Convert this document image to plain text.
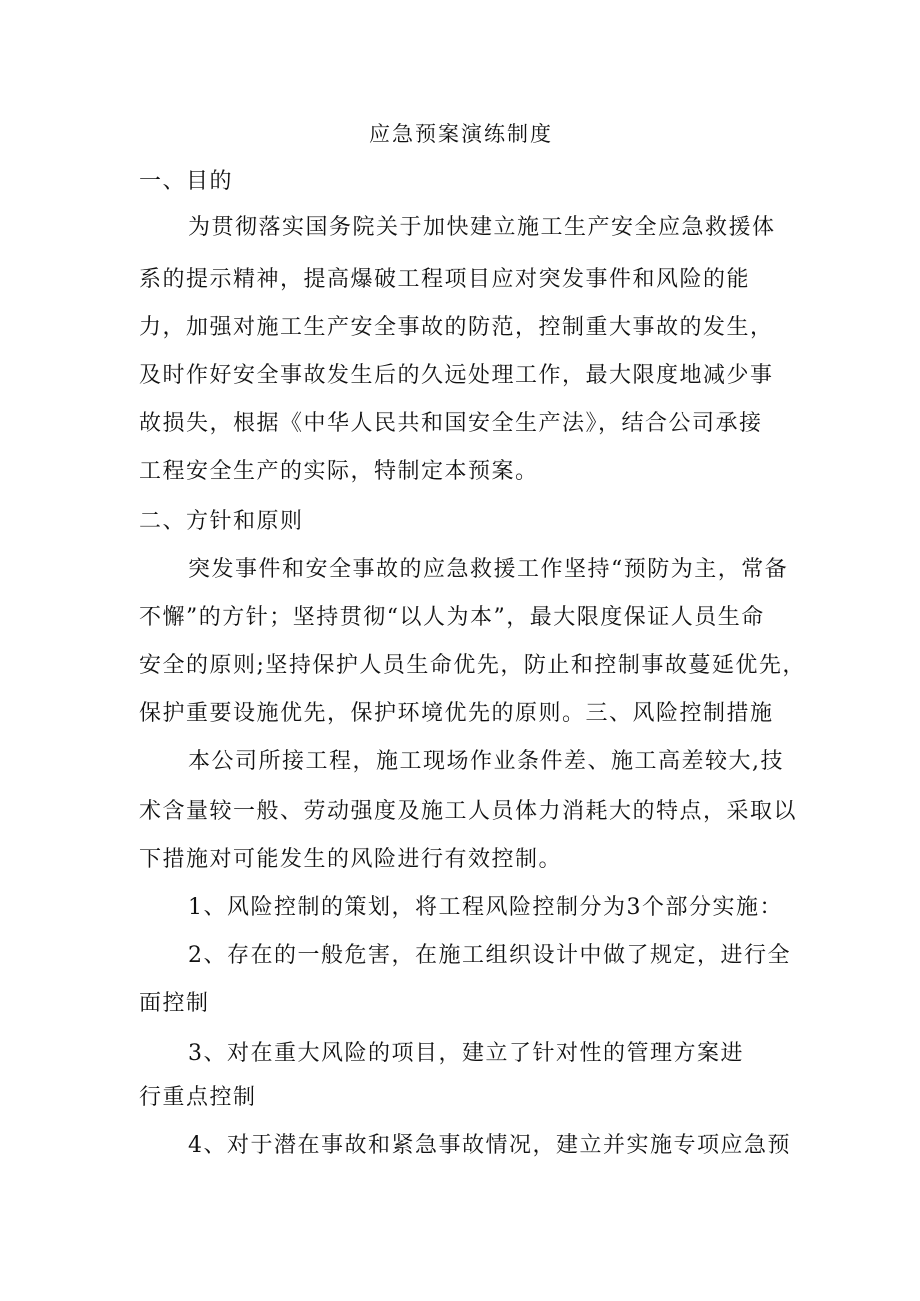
应急预案演练制度
一、目的
为贯彻落实国务院关于加快建立施工生产安全应急救援体
系的提示精神，提高爆破工程项目应对突发事件和风险的能
力，加强对施工生产安全事故的防范，控制重大事故的发生，
及时作好安全事故发生后的久远处理工作，最大限度地减少事
故损失，根据《中华人民共和国安全生产法》，结合公司承接
工程安全生产的实际，特制定本预案。
二、方针和原则
突发事件和安全事故的应急救援工作坚持“预防为主，常备
不懈”的方针；坚持贯彻“以人为本”，最大限度保证人员生命
安全的原则;坚持保护人员生命优先，防止和控制事故蔓延优先，
保护重要设施优先，保护环境优先的原则。三、风险控制措施
本公司所接工程，施工现场作业条件差、施工高差较大,技
术含量较一般、劳动强度及施工人员体力消耗大的特点，采取以
下措施对可能发生的风险进行有效控制。
1、风险控制的策划，将工程风险控制分为3个部分实施：
2、存在的一般危害，在施工组织设计中做了规定，进行全
面控制
3、对在重大风险的项目，建立了针对性的管理方案进
行重点控制
4、对于潜在事故和紧急事故情况，建立并实施专项应急预
